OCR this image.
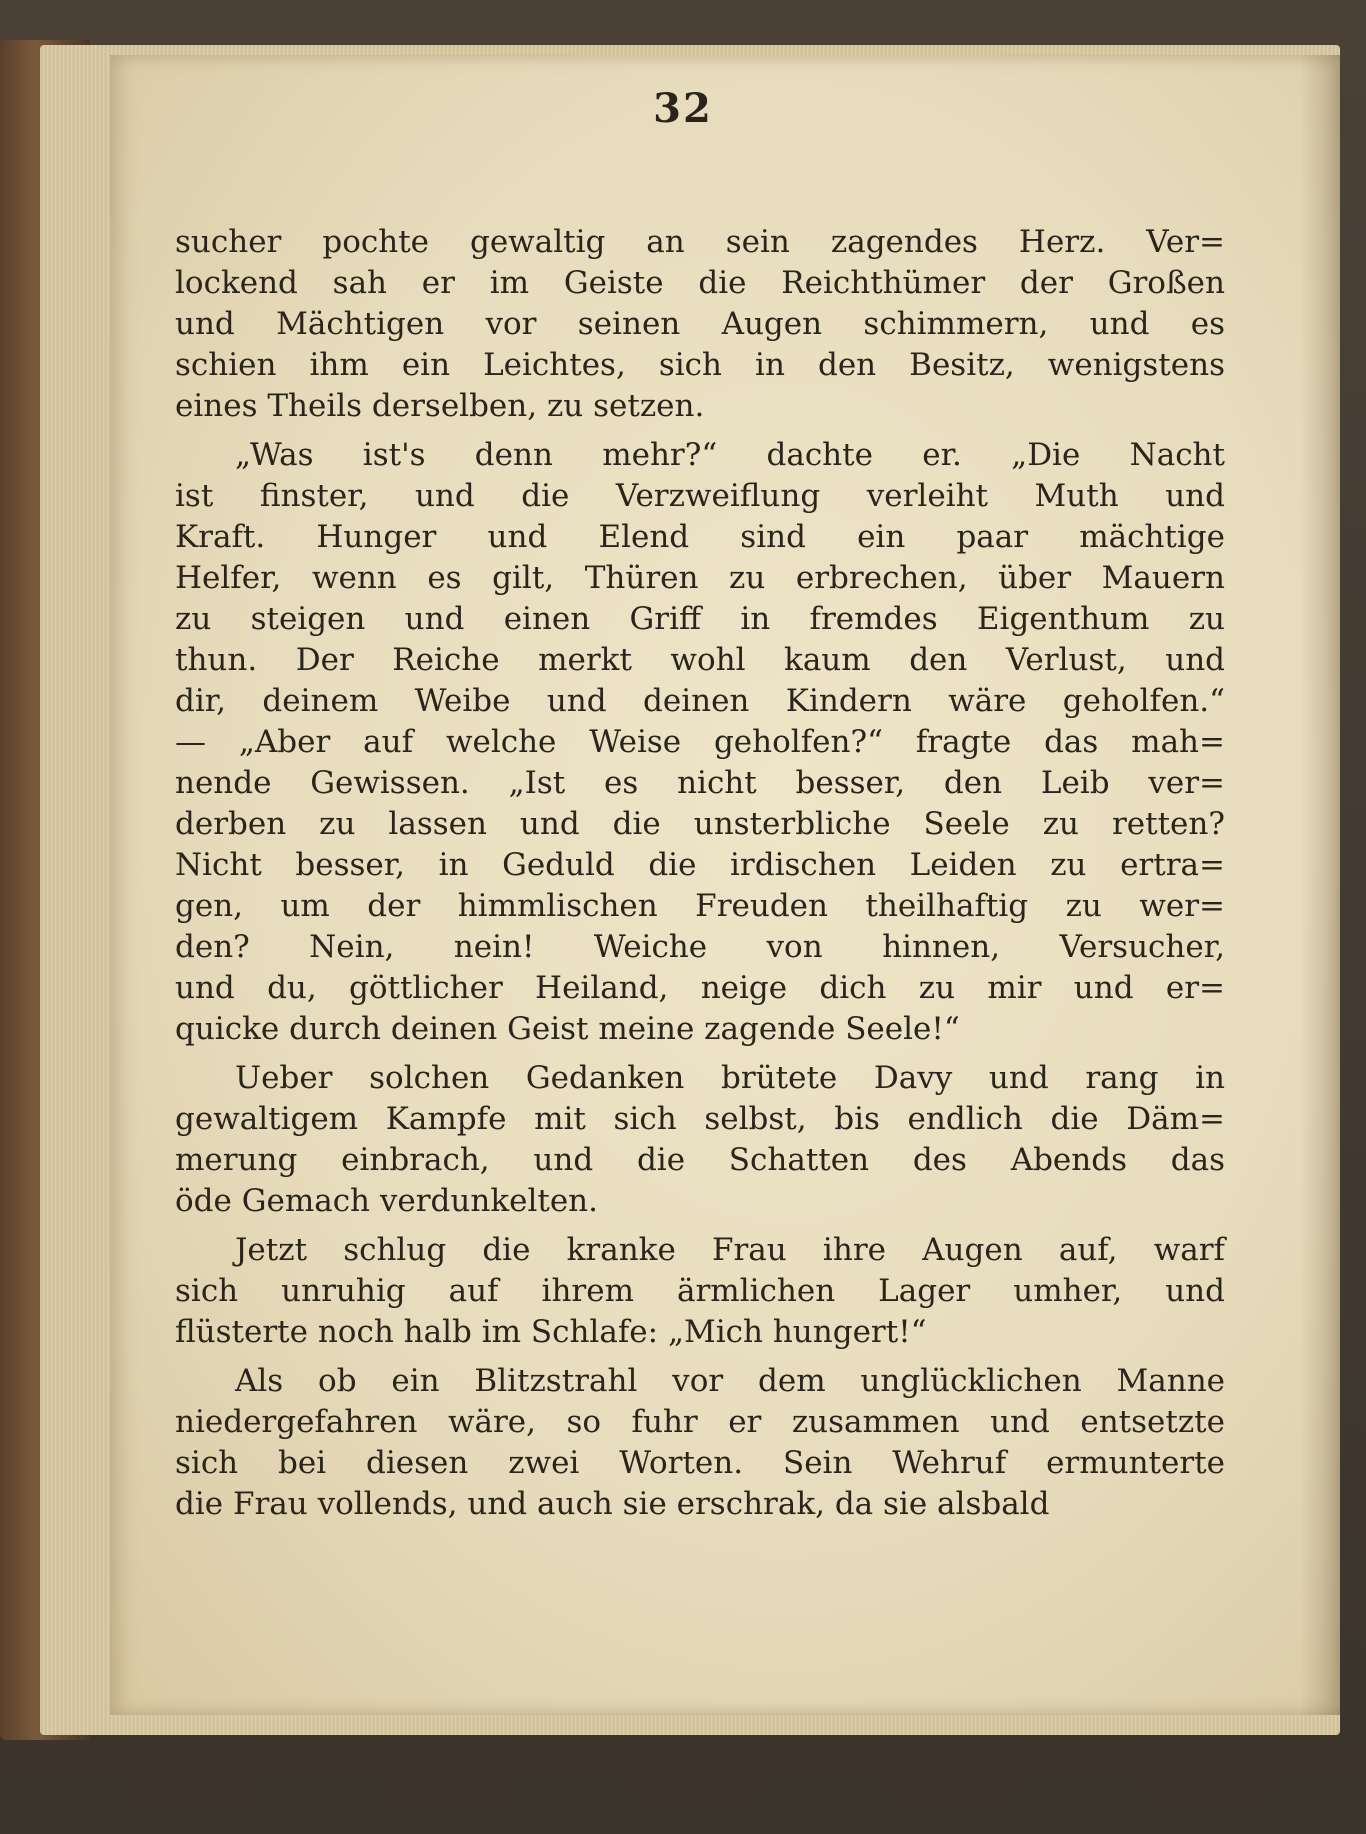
32
sucher pochte gewaltig an sein zagendes Herz. Ver=
lockend sah er im Geiste die Reichthümer der Großen
und Mächtigen vor seinen Augen schimmern, und es
schien ihm ein Leichtes, sich in den Besitz, wenigstens
eines Theils derselben, zu setzen.
„Was ist's denn mehr?“ dachte er. „Die Nacht
ist finster, und die Verzweiflung verleiht Muth und
Kraft. Hunger und Elend sind ein paar mächtige
Helfer, wenn es gilt, Thüren zu erbrechen, über Mauern
zu steigen und einen Griff in fremdes Eigenthum zu
thun. Der Reiche merkt wohl kaum den Verlust, und
dir, deinem Weibe und deinen Kindern wäre geholfen.“
— „Aber auf welche Weise geholfen?“ fragte das mah=
nende Gewissen. „Ist es nicht besser, den Leib ver=
derben zu lassen und die unsterbliche Seele zu retten?
Nicht besser, in Geduld die irdischen Leiden zu ertra=
gen, um der himmlischen Freuden theilhaftig zu wer=
den? Nein, nein! Weiche von hinnen, Versucher,
und du, göttlicher Heiland, neige dich zu mir und er=
quicke durch deinen Geist meine zagende Seele!“
Ueber solchen Gedanken brütete Davy und rang in
gewaltigem Kampfe mit sich selbst, bis endlich die Däm=
merung einbrach, und die Schatten des Abends das
öde Gemach verdunkelten.
Jetzt schlug die kranke Frau ihre Augen auf, warf
sich unruhig auf ihrem ärmlichen Lager umher, und
flüsterte noch halb im Schlafe: „Mich hungert!“
Als ob ein Blitzstrahl vor dem unglücklichen Manne
niedergefahren wäre, so fuhr er zusammen und entsetzte
sich bei diesen zwei Worten. Sein Wehruf ermunterte
die Frau vollends, und auch sie erschrak, da sie alsbald
